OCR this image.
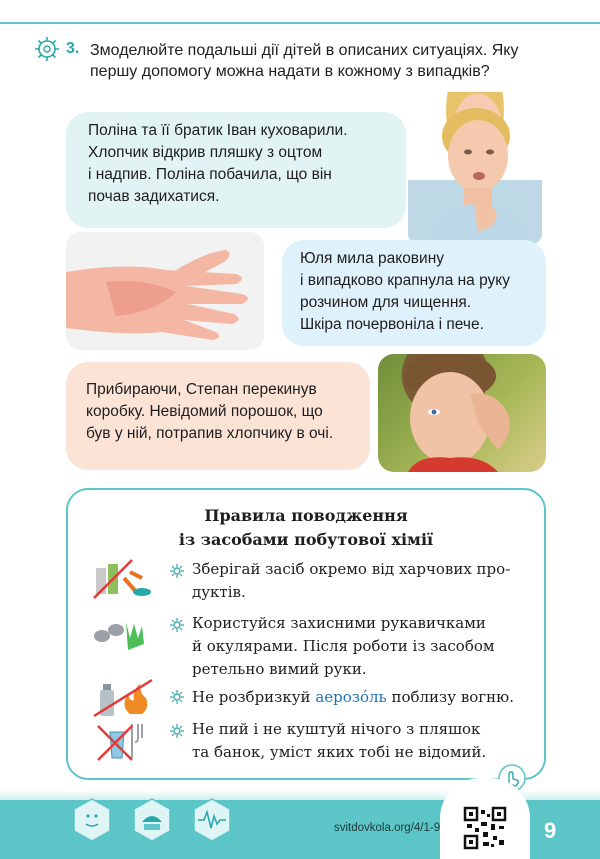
3. Змоделюйте подальші дії дітей в описаних ситуаціях. Яку
першу допомогу можна надати в кожному з випадків?
Поліна та її братик Іван куховарили.
Хлопчик відкрив пляшку з оцтом
і надпив. Поліна побачила, що він
почав задихатися.
Юля мила раковину
і випадково крапнула на руку
розчином для чищення.
Шкіра почервоніла і пече.
Прибираючи, Степан перекинув
коробку. Невідомий порошок, що
був у ній, потрапив хлопчику в очі.
Правила поводження
із засобами побутової хімії
Зберігай засіб окремо від харчових про-
дуктів.
Користуйся захисними рукавичками
й окулярами. Після роботи із засобом
ретельно вимий руки.
Не розбризкуй аерозóль поблизу вогню.
Не пий і не куштуй нічого з пляшок
та банок, уміст яких тобі не відомий.
svitdovkola.org/4/1-9	9
